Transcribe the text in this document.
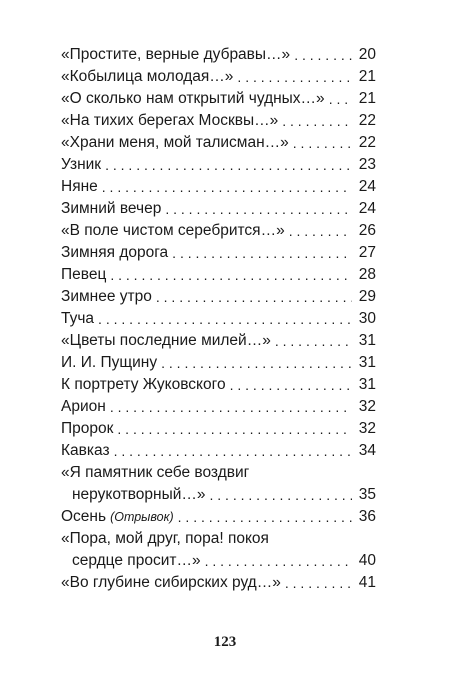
«Простите, верные дубравы…» . . .	20
«Кобылица молодая…» . . .	21
«О сколько нам открытий чудных…» . . . 21
«На тихих берегах Москвы…» . . .	22
«Храни меня, мой талисман…» . . .	22
Узник . . .	23
Няне . . .	24
Зимний вечер . . .	24
«В поле чистом серебрится…» . . .	26
Зимняя дорога . . .	27
Певец . . .	28
Зимнее утро . . .	29
Туча . . .	30
«Цветы последние милей…» . . .	31
И. И. Пущину . . .	31
К портрету Жуковского . . .	31
Арион . . .	32
Пророк . . .	32
Кавказ . . .	34
«Я памятник себе воздвиг
нерукотворный…» . . .	35
Осень (Отрывок) . . .	36
«Пора, мой друг, пора! покоя
сердце просит…» . . .	40
«Во глубине сибирских руд…» . . .	41
123
